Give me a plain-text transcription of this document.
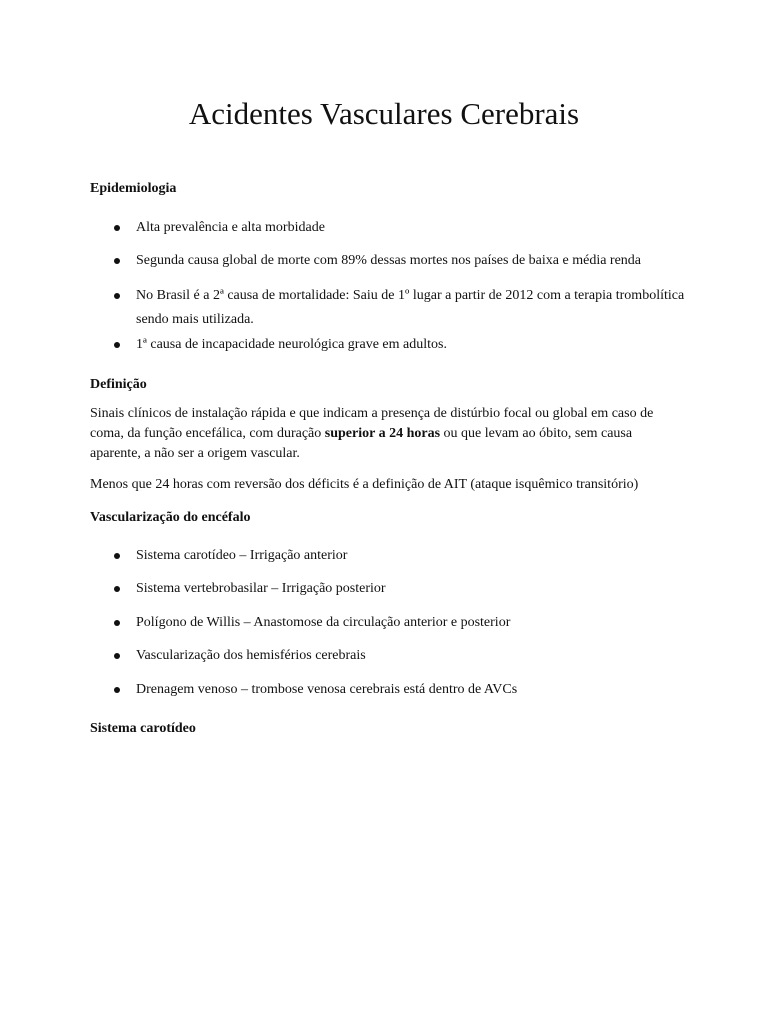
Acidentes Vasculares Cerebrais
Epidemiologia
Alta prevalência e alta morbidade
Segunda causa global de morte com 89% dessas mortes nos países de baixa e média renda
No Brasil é a 2ª causa de mortalidade: Saiu de 1º lugar a partir de 2012 com a terapia trombolítica
sendo mais utilizada.
1ª causa de incapacidade neurológica grave em adultos.
Definição

Sinais clínicos de instalação rápida e que indicam a presença de distúrbio focal ou global em caso de
coma, da função encefálica, com duração superior a 24 horas ou que levam ao óbito, sem causa
aparente, a não ser a origem vascular.

Menos que 24 horas com reversão dos déficits é a definição de AIT (ataque isquêmico transitório)

Vascularização do encéfalo
Sistema carotídeo – Irrigação anterior
Sistema vertebrobasilar – Irrigação posterior
Polígono de Willis – Anastomose da circulação anterior e posterior
Vascularização dos hemisférios cerebrais
Drenagem venoso – trombose venosa cerebrais está dentro de AVCs
Sistema carotídeo
